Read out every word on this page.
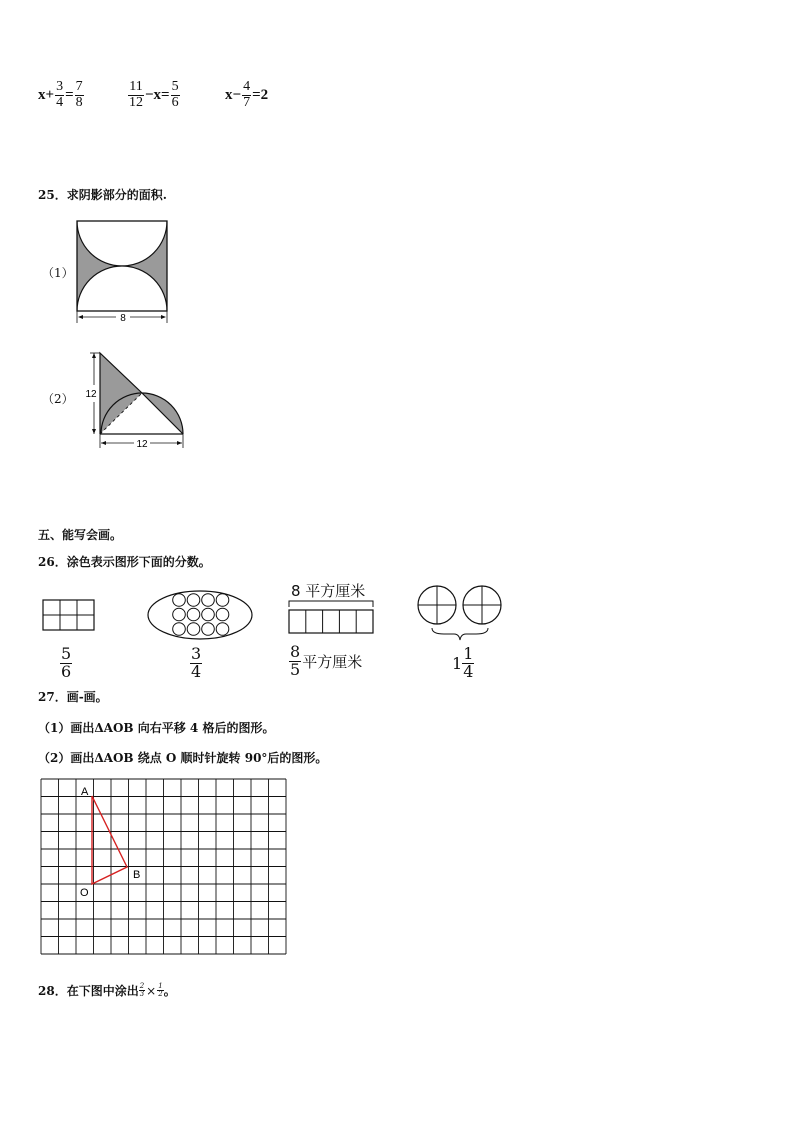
$x+ \frac{3}{4} = \frac{7}{8}$	$\frac{11}{12} -x= \frac{5}{6}$	$x- \frac{4}{7} =2$
25．求阴影部分的面积.
（1）
8
（2） 12
12
五、能写会画。
26．涂色表示图形下面的分数。
$\frac{5}{6}$	$\frac{3}{4}$
8 平方厘米
$\frac{8}{5}$ 平方厘米	$1 \frac{1}{4}$
27．画-画。
（1）画出ΔAOB 向右平移 4 格后的图形。
（2）画出ΔAOB 绕点 O 顺时针旋转 90°后的图形。
A
B
O
28．在下图中涂出 $\frac{2}{3} \times \frac{1}{2}$ 。
